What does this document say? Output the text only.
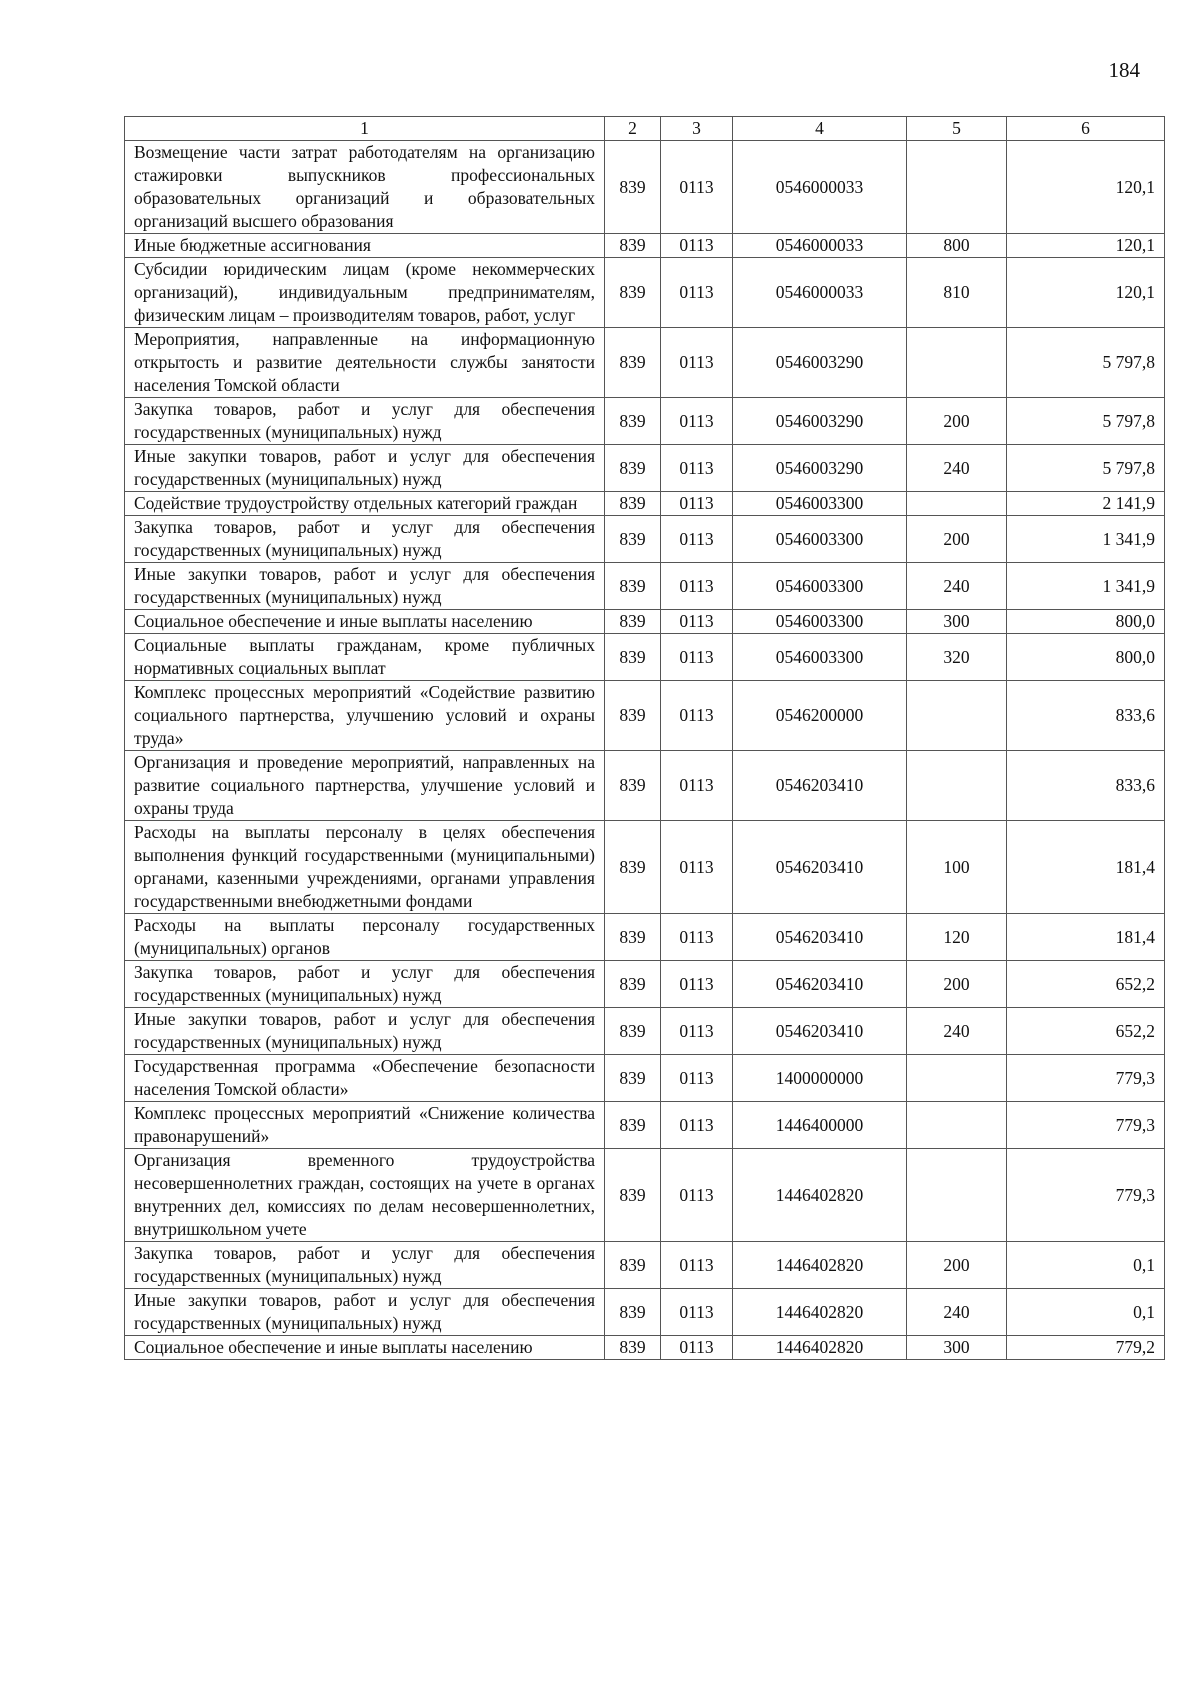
184
1	2	3	4	5	6
Возмещение части затрат работодателям на организацию стажировки выпускников профессиональных образовательных организаций и образовательных организаций высшего образования	839	0113	0546000033		120,1
Иные бюджетные ассигнования	839	0113	0546000033	800	120,1
Субсидии юридическим лицам (кроме некоммерческих организаций), индивидуальным предпринимателям, физическим лицам – производителям товаров, работ, услуг	839	0113	0546000033	810	120,1
Мероприятия, направленные на информационную открытость и развитие деятельности службы занятости населения Томской области	839	0113	0546003290		5 797,8
Закупка товаров, работ и услуг для обеспечения государственных (муниципальных) нужд	839	0113	0546003290	200	5 797,8
Иные закупки товаров, работ и услуг для обеспечения государственных (муниципальных) нужд	839	0113	0546003290	240	5 797,8
Содействие трудоустройству отдельных категорий граждан	839	0113	0546003300		2 141,9
Закупка товаров, работ и услуг для обеспечения государственных (муниципальных) нужд	839	0113	0546003300	200	1 341,9
Иные закупки товаров, работ и услуг для обеспечения государственных (муниципальных) нужд	839	0113	0546003300	240	1 341,9
Социальное обеспечение и иные выплаты населению	839	0113	0546003300	300	800,0
Социальные выплаты гражданам, кроме публичных нормативных социальных выплат	839	0113	0546003300	320	800,0
Комплекс процессных мероприятий «Содействие развитию социального партнерства, улучшению условий и охраны труда»	839	0113	0546200000		833,6
Организация и проведение мероприятий, направленных на развитие социального партнерства, улучшение условий и охраны труда	839	0113	0546203410		833,6
Расходы на выплаты персоналу в целях обеспечения выполнения функций государственными (муниципальными) органами, казенными учреждениями, органами управления государственными внебюджетными фондами	839	0113	0546203410	100	181,4
Расходы на выплаты персоналу государственных (муниципальных) органов	839	0113	0546203410	120	181,4
Закупка товаров, работ и услуг для обеспечения государственных (муниципальных) нужд	839	0113	0546203410	200	652,2
Иные закупки товаров, работ и услуг для обеспечения государственных (муниципальных) нужд	839	0113	0546203410	240	652,2
Государственная программа «Обеспечение безопасности населения Томской области»	839	0113	1400000000		779,3
Комплекс процессных мероприятий «Снижение количества правонарушений»	839	0113	1446400000		779,3
Организация временного трудоустройства несовершеннолетних граждан, состоящих на учете в органах внутренних дел, комиссиях по делам несовершеннолетних, внутришкольном учете	839	0113	1446402820		779,3
Закупка товаров, работ и услуг для обеспечения государственных (муниципальных) нужд	839	0113	1446402820	200	0,1
Иные закупки товаров, работ и услуг для обеспечения государственных (муниципальных) нужд	839	0113	1446402820	240	0,1
Социальное обеспечение и иные выплаты населению	839	0113	1446402820	300	779,2
